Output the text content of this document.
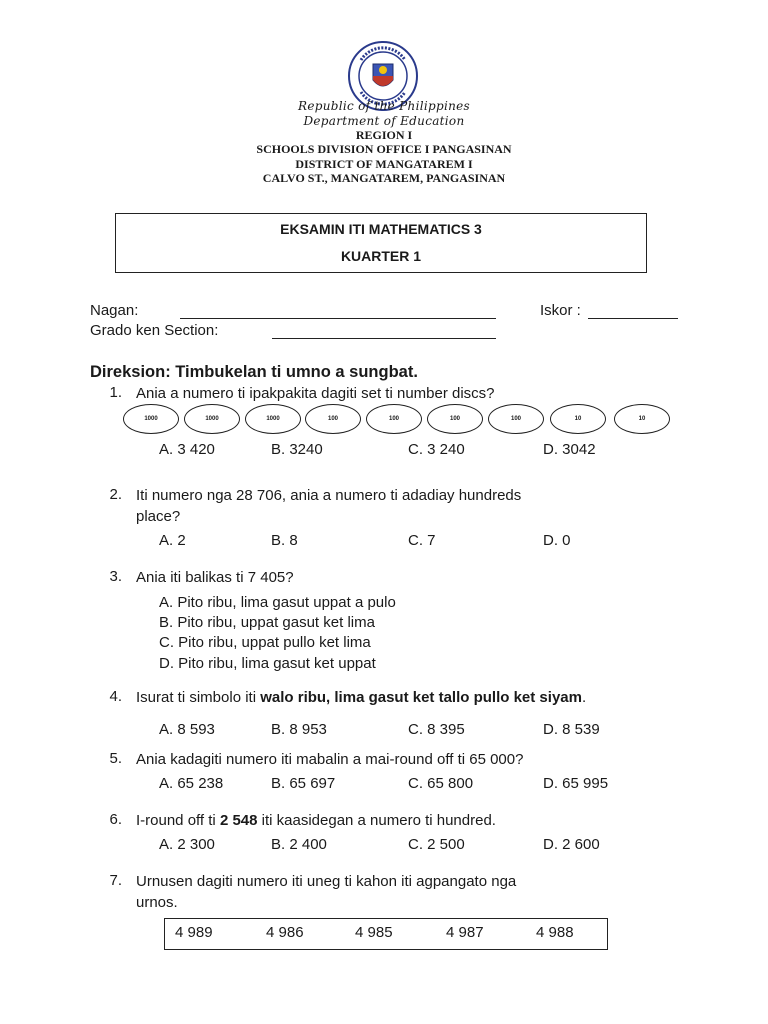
Republic of the Philippines
Department of Education
REGION I
SCHOOLS DIVISION OFFICE I PANGASINAN
DISTRICT OF MANGATAREM I
CALVO ST., MANGATAREM, PANGASINAN
EKSAMIN ITI MATHEMATICS 3
KUARTER 1
Nagan:	Iskor :
Grado ken Section:
Direksion: Timbukelan ti umno a sungbat.
1. Ania a numero ti ipakpakita dagiti set ti number discs?
1000	1000	1000	100	100	100	100	10	10
A. 3 420	B. 3240	C. 3 240	D. 3042
2. Iti numero nga 28 706, ania a numero ti adadiay hundreds
place?
A. 2	B. 8	C. 7	D. 0
3. Ania iti balikas ti 7 405?
A. Pito ribu, lima gasut uppat a pulo
B. Pito ribu, uppat gasut ket lima
C. Pito ribu, uppat pullo ket lima
D. Pito ribu, lima gasut ket uppat
4. Isurat ti simbolo iti walo ribu, lima gasut ket tallo pullo ket siyam.
A. 8 593	B. 8 953	C. 8 395	D. 8 539
5. Ania kadagiti numero iti mabalin a mai-round off ti 65 000?
A. 65 238	B. 65 697	C. 65 800	D. 65 995
6. I-round off ti 2 548 iti kaasidegan a numero ti hundred.
A. 2 300	B. 2 400	C. 2 500	D. 2 600
7. Urnusen dagiti numero iti uneg ti kahon iti agpangato nga
urnos.
4 989	4 986	4 985	4 987	4 988
